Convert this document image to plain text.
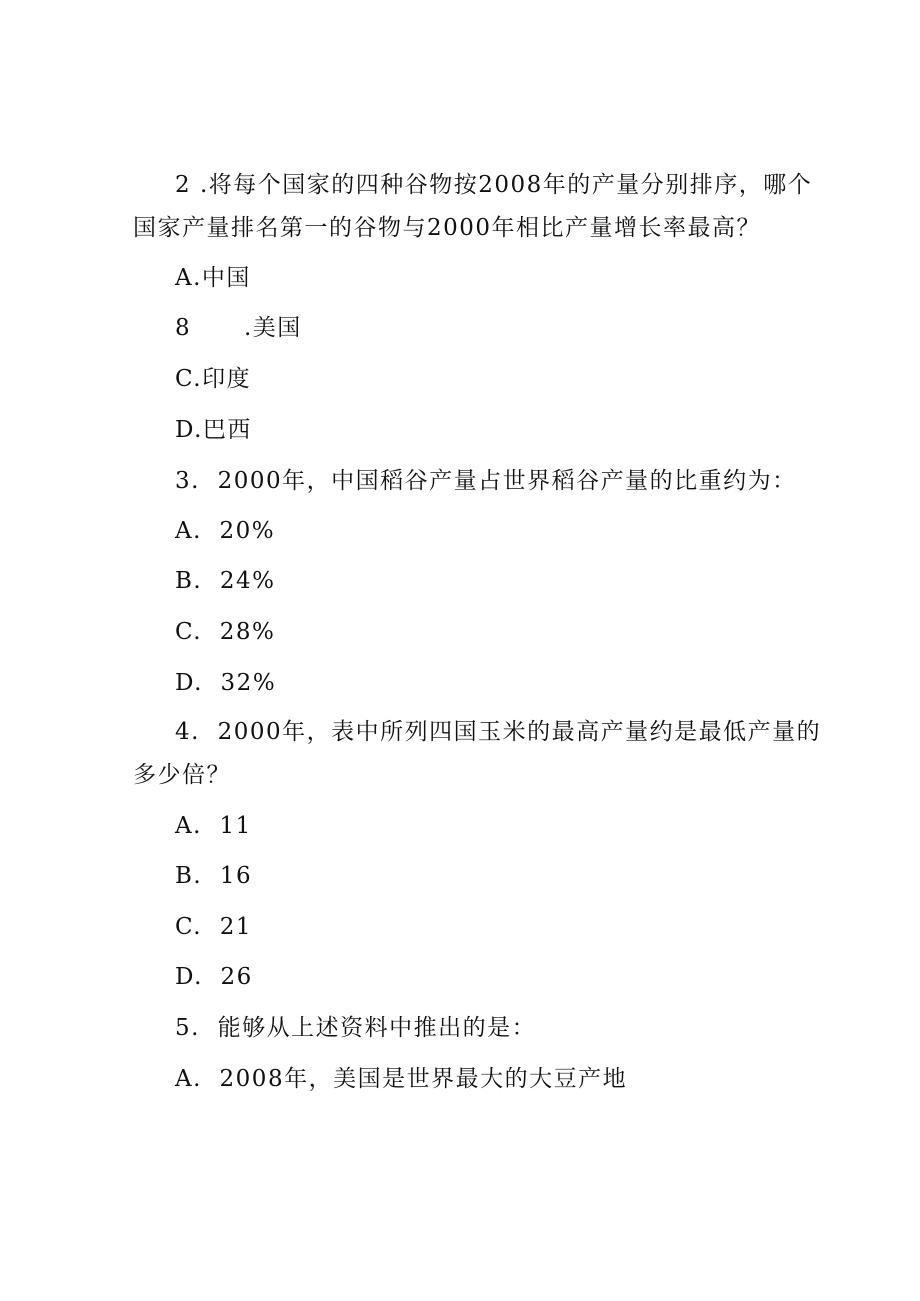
2 .将每个国家的四种谷物按2008年的产量分别排序，哪个
国家产量排名第一的谷物与2000年相比产量增长率最高？
A.中国
8      .美国
C.印度
D.巴西
3.  2000年，中国稻谷产量占世界稻谷产量的比重约为：
A.  20%
B.  24%
C.  28%
D.  32%
4.  2000年，表中所列四国玉米的最高产量约是最低产量的
多少倍？
A.  11
B.  16
C.  21
D.  26
5.  能够从上述资料中推出的是：
A.  2008年，美国是世界最大的大豆产地
